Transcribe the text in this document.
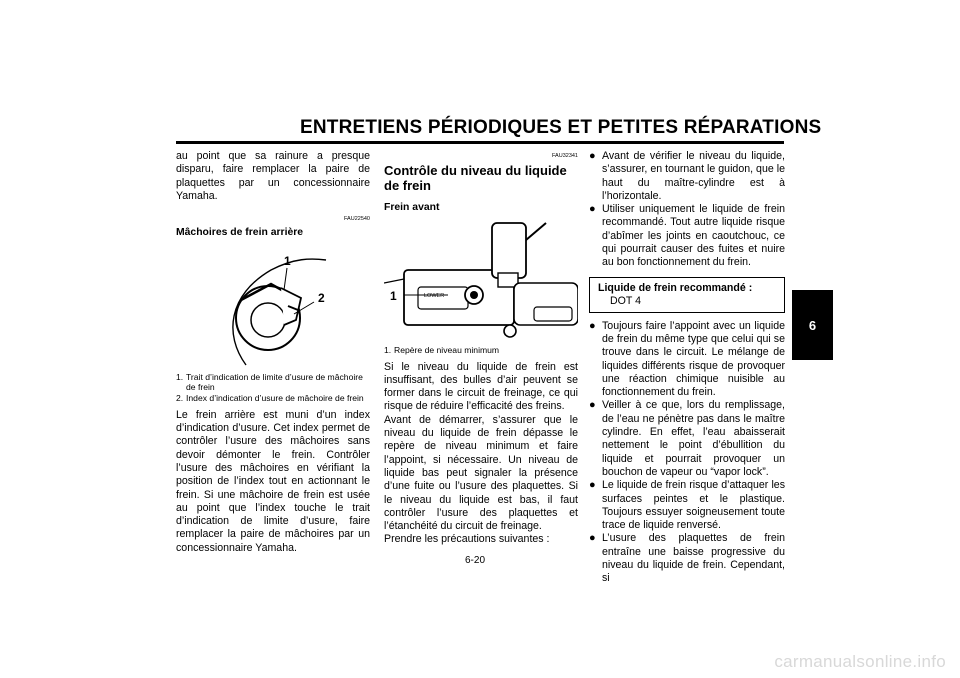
ENTRETIENS PÉRIODIQUES ET PETITES RÉPARATIONS
6

au point que sa rainure a presque disparu, faire remplacer la paire de plaquettes par un concessionnaire Yamaha.

FAU22540
Mâchoires de frein arrière
1
2
1. Trait d’indication de limite d’usure de mâchoire de frein
2. Index d’indication d’usure de mâchoire de frein

Le frein arrière est muni d’un index d’indication d’usure. Cet index permet de contrôler l’usure des mâchoires sans devoir démonter le frein. Contrôler l’usure des mâchoires en vérifiant la position de l’index tout en actionnant le frein. Si une mâchoire de frein est usée au point que l’index touche le trait d’indication de limite d’usure, faire remplacer la paire de mâchoires par un concessionnaire Yamaha.

FAU32341
Contrôle du niveau du liquide de frein
Frein avant
LOWER
1
1. Repère de niveau minimum

Si le niveau du liquide de frein est insuffisant, des bulles d’air peuvent se former dans le circuit de freinage, ce qui risque de réduire l’efficacité des freins.

Avant de démarrer, s’assurer que le niveau du liquide de frein dépasse le repère de niveau minimum et faire l’appoint, si nécessaire. Un niveau de liquide bas peut signaler la présence d’une fuite ou l’usure des plaquettes. Si le niveau du liquide est bas, il faut contrôler l’usure des plaquettes et l’étanchéité du circuit de freinage.

Prendre les précautions suivantes :

● Avant de vérifier le niveau du liquide, s’assurer, en tournant le guidon, que le haut du maître-cylindre est à l’horizontale.
● Utiliser uniquement le liquide de frein recommandé. Tout autre liquide risque d’abîmer les joints en caoutchouc, ce qui pourrait causer des fuites et nuire au bon fonctionnement du frein.
Liquide de frein recommandé :
DOT 4
● Toujours faire l’appoint avec un liquide de frein du même type que celui qui se trouve dans le circuit. Le mélange de liquides différents risque de provoquer une réaction chimique nuisible au fonctionnement du frein.
● Veiller à ce que, lors du remplissage, de l’eau ne pénètre pas dans le maître cylindre. En effet, l’eau abaisserait nettement le point d’ébullition du liquide et pourrait provoquer un bouchon de vapeur ou “vapor lock”.
● Le liquide de frein risque d’attaquer les surfaces peintes et le plastique. Toujours essuyer soigneusement toute trace de liquide renversé.
● L’usure des plaquettes de frein entraîne une baisse progressive du niveau du liquide de frein. Cependant, si
6-20
carmanualsonline.info
